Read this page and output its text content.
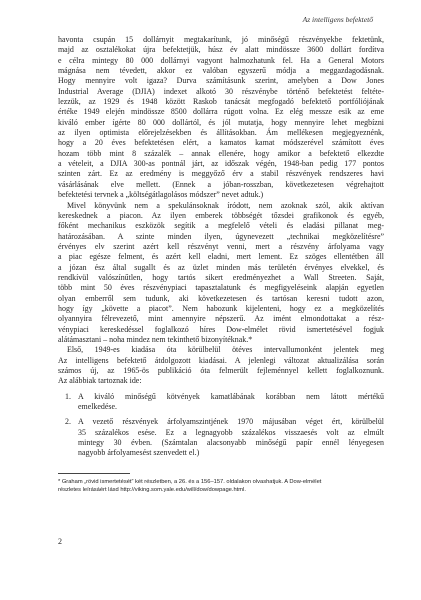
Az intelligens befektető
havonta csupán 15 dollárnyit megtakarítunk, jó minőségű részvényekbe fektetünk,
majd az osztalékokat újra befektetjük, húsz év alatt mindössze 3600 dollárt fordítva
e célra mintegy 80 000 dollárnyi vagyont halmozhatunk fel. Ha a General Motors
mágnása nem tévedett, akkor ez valóban egyszerű módja a meggazdagodásnak.
Hogy mennyire volt igaza? Durva számításunk szerint, amelyben a Dow Jones
Industrial Average (DJIA) indexet alkotó 30 részvénybe történő befektetést feltéte-
lezzük, az 1929 és 1948 között Raskob tanácsát megfogadó befektető portfóliójának
értéke 1949 elején mindössze 8500 dollárra rúgott volna. Ez elég messze esik az eme
kiváló ember ígérte 80 000 dollártól, és jól mutatja, hogy mennyire lehet megbízni
az ilyen optimista előrejelzésekben és állításokban. Ám mellékesen megjegyeznénk,
hogy a 20 éves befektetésen elért, a kamatos kamat módszerével számított éves
hozam több mint 8 százalék – annak ellenére, hogy amikor a befektető elkezdte
a vételeit, a DJIA 300-as pontnál járt, az időszak végén, 1948-ban pedig 177 pontos
szinten zárt. Ez az eredmény is meggyőző érv a stabil részvények rendszeres havi
vásárlásának elve mellett. (Ennek a jóban-rosszban, következetesen végrehajtott
befektetési tervnek a „költségátlagolásos módszer” nevet adtuk.)
Mivel könyvünk nem a spekulánsoknak íródott, nem azoknak szól, akik aktívan
kereskednek a piacon. Az ilyen emberek többségét tőzsdei grafikonok és egyéb,
főként mechanikus eszközök segítik a megfelelő vételi és eladási pillanat meg-
határozásában. A szinte minden ilyen, úgynevezett „technikai megközelítésre”
érvényes elv szerint azért kell részvényt venni, mert a részvény árfolyama vagy
a piac egésze felment, és azért kell eladni, mert lement. Ez szöges ellentétben áll
a józan ész által sugallt és az üzlet minden más területén érvényes elvekkel, és
rendkívül valószínűtlen, hogy tartós sikert eredményezhet a Wall Streeten. Saját,
több mint 50 éves részvénypiaci tapasztalatunk és megfigyeléseink alapján egyetlen
olyan emberről sem tudunk, aki következetesen és tartósan keresni tudott azon,
hogy így „követte a piacot”. Nem habozunk kijelenteni, hogy ez a megközelítés
olyannyira félrevezető, mint amennyire népszerű. Az imént elmondottakat a rész-
vénypiaci kereskedéssel foglalkozó híres Dow-elmélet rövid ismertetésével fogjuk
alátámasztani – noha mindez nem tekinthető bizonyítéknak.*
Első, 1949-es kiadása óta körülbelül ötéves intervallumonként jelentek meg
Az intelligens befektető átdolgozott kiadásai. A jelenlegi változat aktualizálása során
számos új, az 1965-ös publikáció óta felmerült fejleménnyel kellett foglalkoznunk.
Az alábbiak tartoznak ide:
1. A kiváló minőségű kötvények kamatlábának korábban nem látott mértékű
emelkedése.
2. A vezető részvények árfolyamszintjének 1970 májusában véget ért, körülbelül
35 százalékos esése. Ez a legnagyobb százalékos visszaesés volt az elmúlt
mintegy 30 évben. (Számtalan alacsonyabb minőségű papír ennél lényegesen
nagyobb árfolyamesést szenvedett el.)
* Graham „rövid ismertetését” két részletben, a 26. és a 156–157. oldalakon olvashatjuk. A Dow-elmélet
részletes leírásáért lásd http://viking.som.yale.edu/will/dow/dowpage.html.
2
